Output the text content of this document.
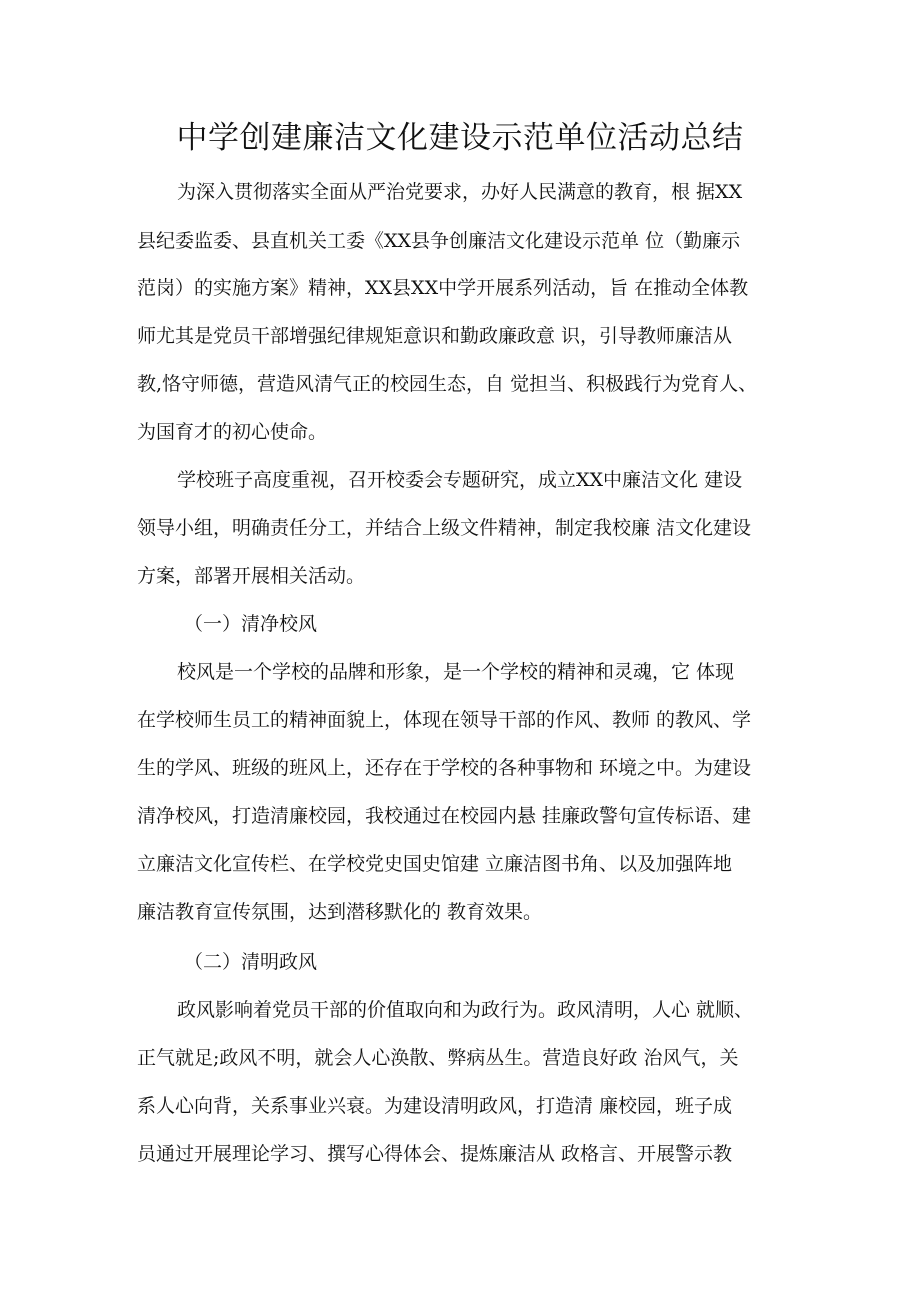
中学创建廉洁文化建设示范单位活动总结
为深入贯彻落实全面从严治党要求，办好人民满意的教育，根 据XX
县纪委监委、县直机关工委《XX县争创廉洁文化建设示范单 位（勤廉示
范岗）的实施方案》精神，XX县XX中学开展系列活动，旨 在推动全体教
师尤其是党员干部增强纪律规矩意识和勤政廉政意 识，引导教师廉洁从
教,恪守师德，营造风清气正的校园生态，自 觉担当、积极践行为党育人、
为国育才的初心使命。
学校班子高度重视，召开校委会专题研究，成立XX中廉洁文化 建设
领导小组，明确责任分工，并结合上级文件精神，制定我校廉 洁文化建设
方案，部署开展相关活动。
（一）清净校风
校风是一个学校的品牌和形象，是一个学校的精神和灵魂，它 体现
在学校师生员工的精神面貌上，体现在领导干部的作风、教师 的教风、学
生的学风、班级的班风上，还存在于学校的各种事物和 环境之中。为建设
清净校风，打造清廉校园，我校通过在校园内悬 挂廉政警句宣传标语、建
立廉洁文化宣传栏、在学校党史国史馆建 立廉洁图书角、以及加强阵地
廉洁教育宣传氛围，达到潜移默化的 教育效果。
（二）清明政风
政风影响着党员干部的价值取向和为政行为。政风清明，人心 就顺、
正气就足;政风不明，就会人心涣散、弊病丛生。营造良好政 治风气，关
系人心向背，关系事业兴衰。为建设清明政风，打造清 廉校园，班子成
员通过开展理论学习、撰写心得体会、提炼廉洁从 政格言、开展警示教
